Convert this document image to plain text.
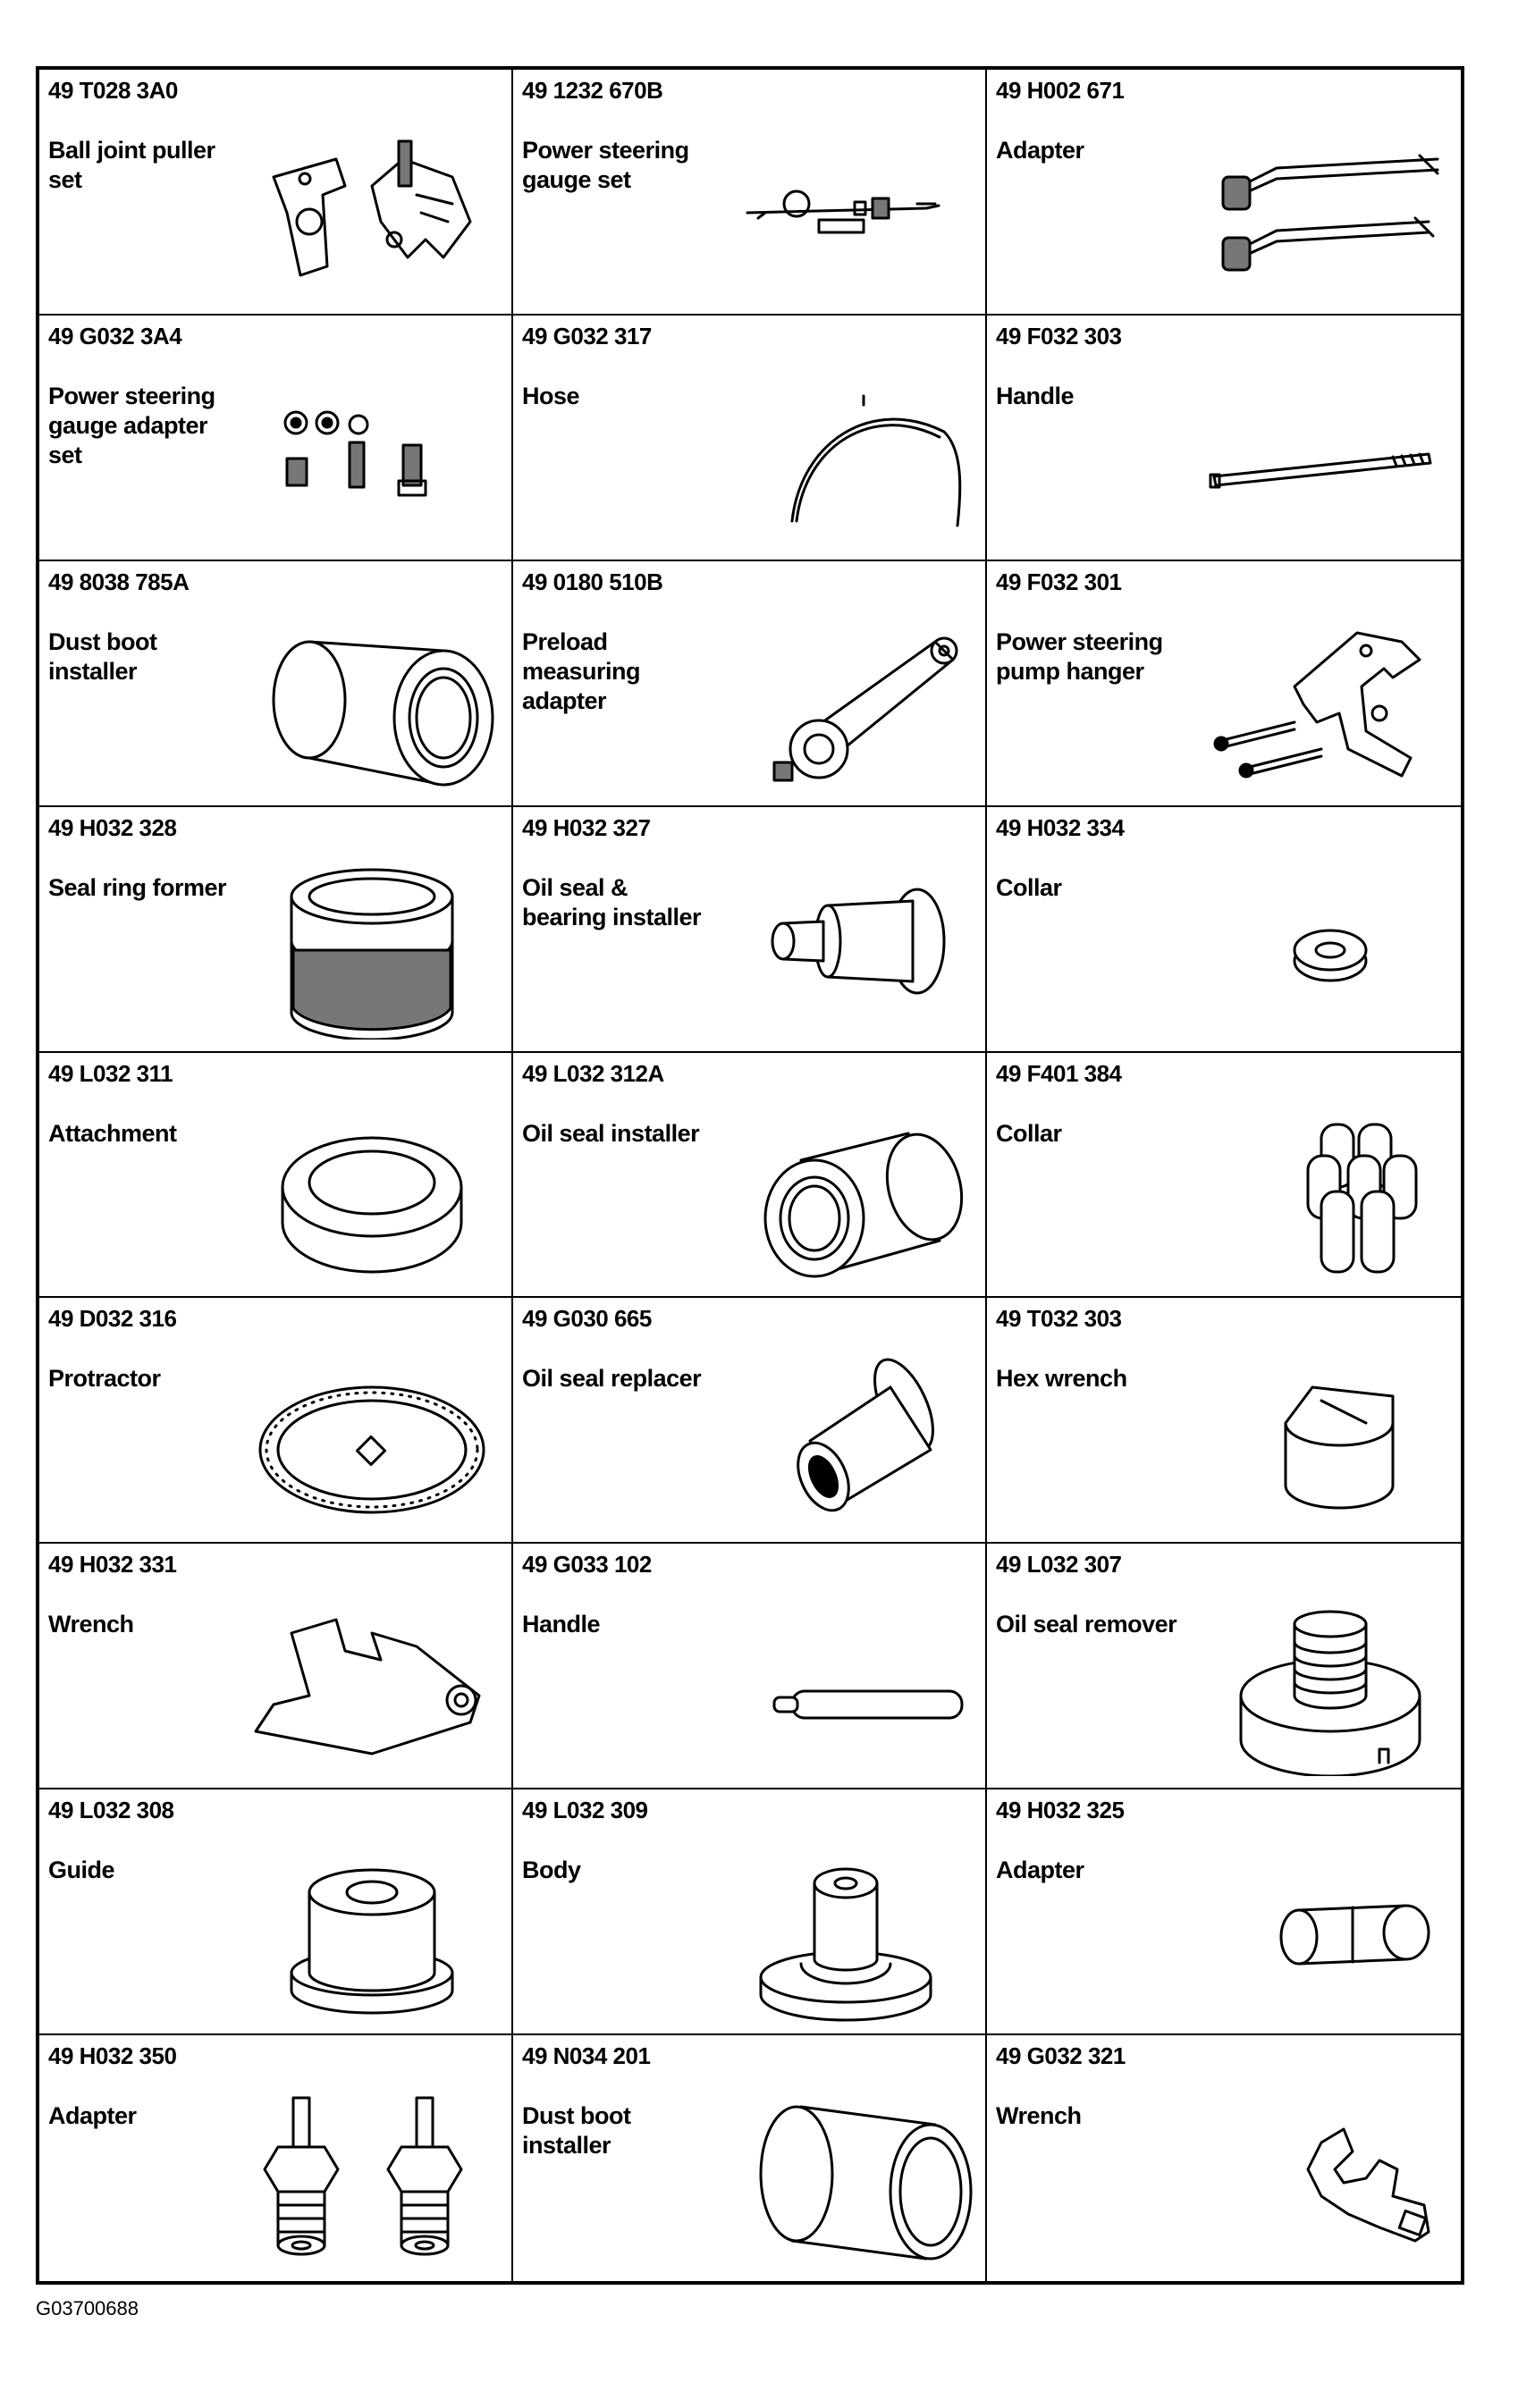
49 T028 3A0
Ball joint puller
set
49 1232 670B
Power steering
gauge set
49 H002 671
Adapter
49 G032 3A4
Power steering
gauge adapter
set
49 G032 317
Hose
49 F032 303
Handle
49 8038 785A
Dust boot
installer
49 0180 510B
Preload
measuring
adapter
49 F032 301
Power steering
pump hanger
49 H032 328
Seal ring former
49 H032 327
Oil seal &
bearing installer
49 H032 334
Collar
49 L032 311
Attachment
49 L032 312A
Oil seal installer
49 F401 384
Collar
49 D032 316
Protractor
49 G030 665
Oil seal replacer
49 T032 303
Hex wrench
49 H032 331
Wrench
49 G033 102
Handle
49 L032 307
Oil seal remover
49 L032 308
Guide
49 L032 309
Body
49 H032 325
Adapter
49 H032 350
Adapter
49 N034 201
Dust boot
installer
49 G032 321
Wrench
G03700688
